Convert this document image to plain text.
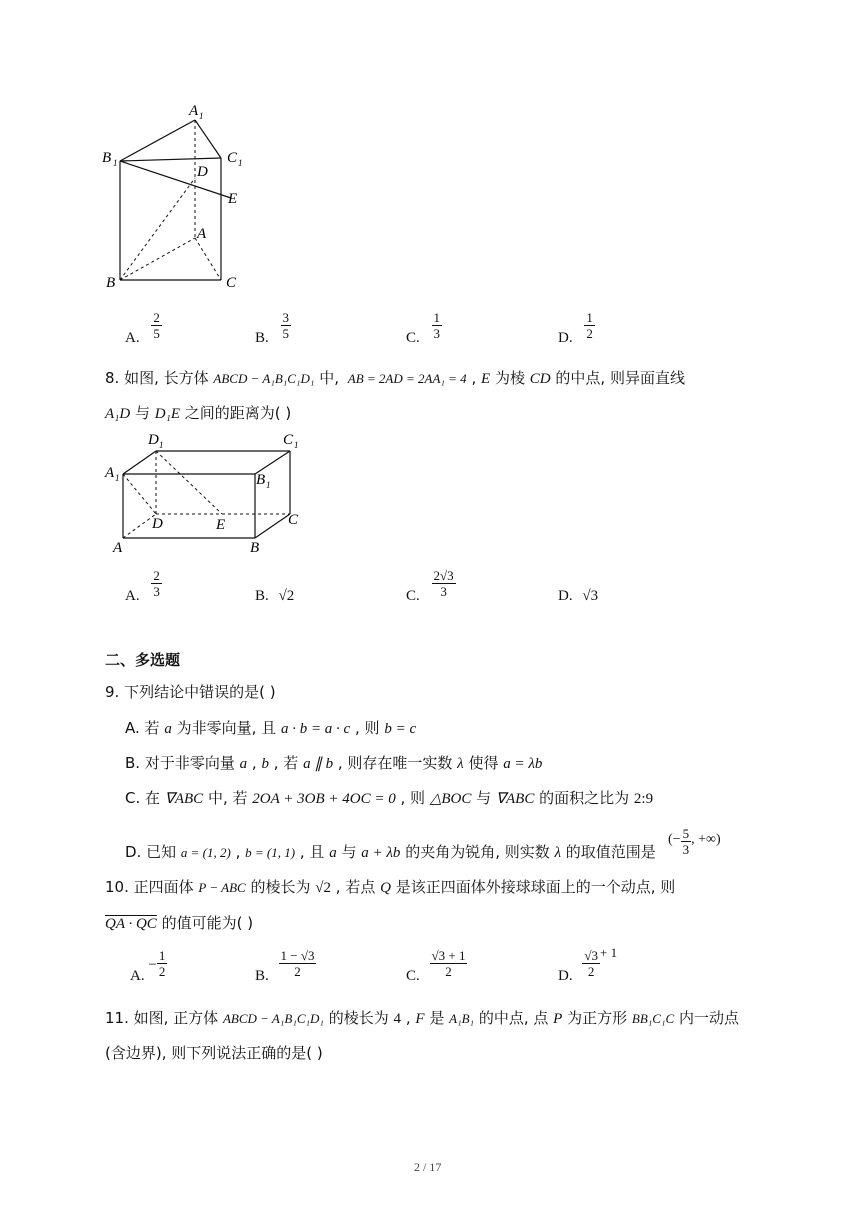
A 1
B 1	C 1
D
E
A
B	C
A. $\frac{2}{5}$	B. $\frac{3}{5}$	C. $\frac{1}{3}$	D. $\frac{1}{2}$
8. 如图, 长方体 ABCD − A₁B₁C₁D₁ 中, AB = 2AD = 2AA₁ = 4 , E 为棱 CD 的中点, 则异面直线
A₁D 与 D₁E 之间的距离为( )
D 1	C 1
A 1	B 1
D	E	C
A	B
A. $\frac{2}{3}$	B. √2	C. $\frac{2√3}{3}$	D. √3
二、多选题
9. 下列结论中错误的是( )
A. 若 a 为非零向量, 且 a · b = a · c , 则 b = c
B. 对于非零向量 a , b , 若 a ∥ b , 则存在唯一实数 λ 使得 a = λb
C. 在 ∇ABC 中, 若 2OA + 3OB + 4OC = 0 , 则 △BOC 与 ∇ABC 的面积之比为 2:9
D. 已知 a = (1, 2) , b = (1, 1) , 且 a 与 a + λb 的夹角为锐角, 则实数 λ 的取值范围是
(− $\frac{5}{3}$ , +∞)
10. 正四面体 P − ABC 的棱长为 √2 , 若点 Q 是该正四面体外接球球面上的一个动点, 则
QA · QC 的值可能为( )
A. − $\frac{1}{2}$	B. $\frac{1 - √3}{2}$	C. $\frac{√3 + 1}{2}$	D. $\frac{√3}{2} + 1$
11. 如图, 正方体 ABCD − A₁B₁C₁D₁ 的棱长为 4 , F 是 A₁B₁ 的中点, 点 P 为正方形 BB₁C₁C 内一动点
(含边界), 则下列说法正确的是( )
2 / 17
